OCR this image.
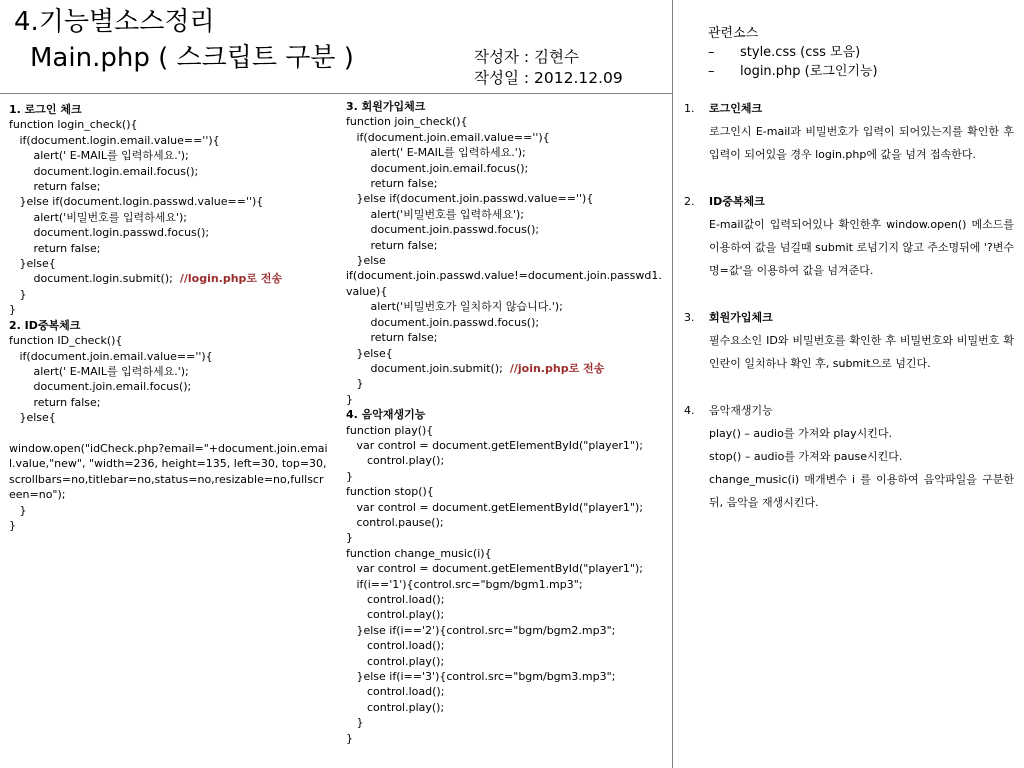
4.기능별소스정리
Main.php ( 스크립트 구분 )	작성자 : 김현수
작성일 : 2012.12.09
관련소스
– style.css (css 모음)
– login.php (로그인기능)
1. 로그인 체크
function login_check(){
if(document.login.email.value==''){
alert(' E-MAIL를 입력하세요.');
document.login.email.focus();
return false;
}else if(document.login.passwd.value==''){
alert('비밀번호를 입력하세요');
document.login.passwd.focus();
return false;
}else{
document.login.submit();  //login.php로 전송
}
}
2. ID중복체크
function ID_check(){
if(document.join.email.value==''){
alert(' E-MAIL를 입력하세요.');
document.join.email.focus();
return false;
}else{

window.open("idCheck.php?email="+document.join.email.value,"new", "width=236, height=135, left=30, top=30, scrollbars=no,titlebar=no,status=no,resizable=no,fullscreen=no");
}
}
3. 회원가입체크
function join_check(){
if(document.join.email.value==''){
alert(' E-MAIL를 입력하세요.');
document.join.email.focus();
return false;
}else if(document.join.passwd.value==''){
alert('비밀번호를 입력하세요');
document.join.passwd.focus();
return false;
}else
if(document.join.passwd.value!=document.join.passwd1.value){
alert('비밀번호가 일치하지 않습니다.');
document.join.passwd.focus();
return false;
}else{
document.join.submit();  //join.php로 전송
}
}
4. 음악재생기능
function play(){
var control = document.getElementById("player1");
control.play();
}
function stop(){
var control = document.getElementById("player1");
control.pause();
}
function change_music(i){
var control = document.getElementById("player1");
if(i=='1'){control.src="bgm/bgm1.mp3";
control.load();
control.play();
}else if(i=='2'){control.src="bgm/bgm2.mp3";
control.load();
control.play();
}else if(i=='3'){control.src="bgm/bgm3.mp3";
control.load();
control.play();
}
}
1. 로그인체크
로그인시 E-mail과 비밀번호가 입력이 되어있는지를 확인한 후 입력이 되어있을 경우 login.php에 값을 넘겨 접속한다.
2. ID중복체크
E-mail값이 입력되어있나 확인한후 window.open() 메소드를 이용하여 값을 넘길때 submit 로넘기지 않고 주소명뒤에 '?변수명=값'을 이용하여 값을 넘겨준다.
3. 회원가입체크
필수요소인 ID와 비밀번호를 확인한 후 비밀번호와 비밀번호 확인란이 일치하나 확인 후, submit으로 넘긴다.
4. 음악재생기능
play() – audio를 가져와 play시킨다.
stop() – audio를 가져와 pause시킨다.
change_music(i) 매개변수 i 를 이용하여 음악파일을 구분한 뒤, 음악을 재생시킨다.
